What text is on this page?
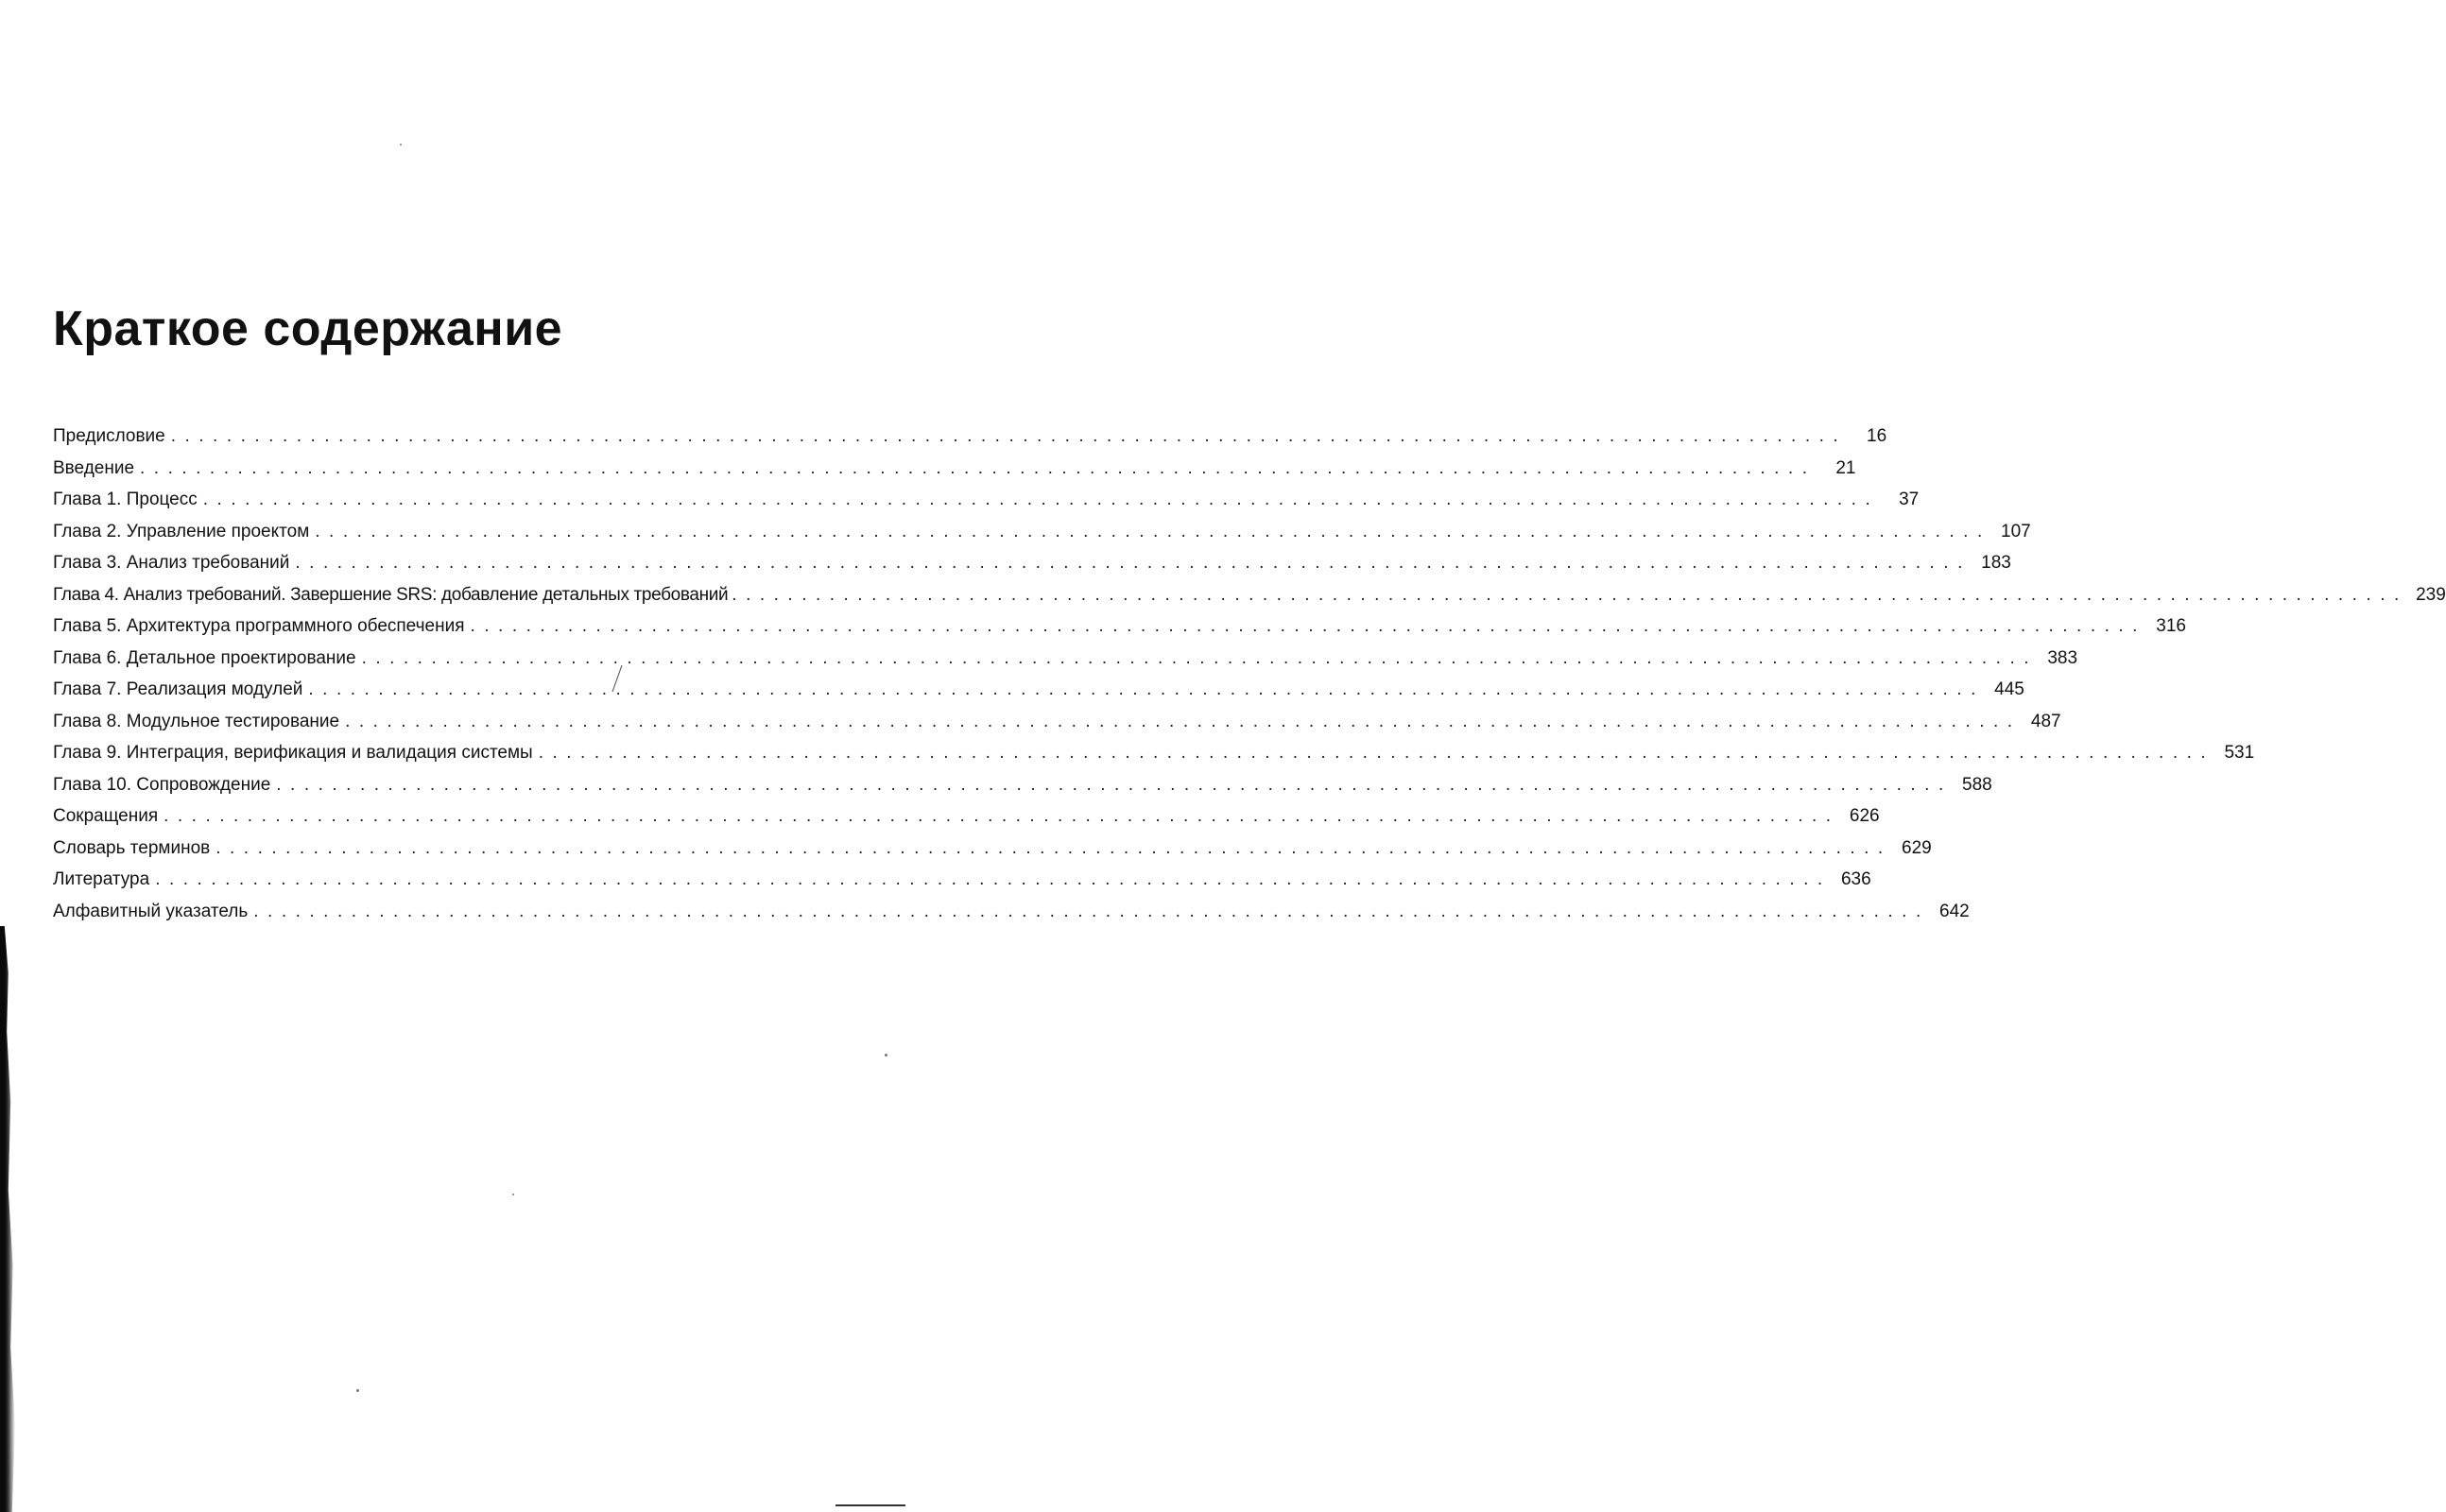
Краткое содержание
Предисловие ........................................................................................................................	16
Введение ........................................................................................................................	21
Глава 1. Процесс ........................................................................................................................	37
Глава 2. Управление проектом ........................................................................................................................ 107
Глава 3. Анализ требований ........................................................................................................................ 183
Глава 4. Анализ требований. Завершение SRS: добавление детальных требований ........................................................................................................................ 239
Глава 5. Архитектура программного обеспечения ........................................................................................................................ 316
Глава 6. Детальное проектирование ........................................................................................................................ 383
Глава 7. Реализация модулей ........................................................................................................................ 445
Глава 8. Модульное тестирование ........................................................................................................................ 487
Глава 9. Интеграция, верификация и валидация системы ........................................................................................................................ 531
Глава 10. Сопровождение ........................................................................................................................ 588
Сокращения ........................................................................................................................ 626
Словарь терминов ........................................................................................................................ 629
Литература ........................................................................................................................ 636
Алфавитный указатель ........................................................................................................................ 642
